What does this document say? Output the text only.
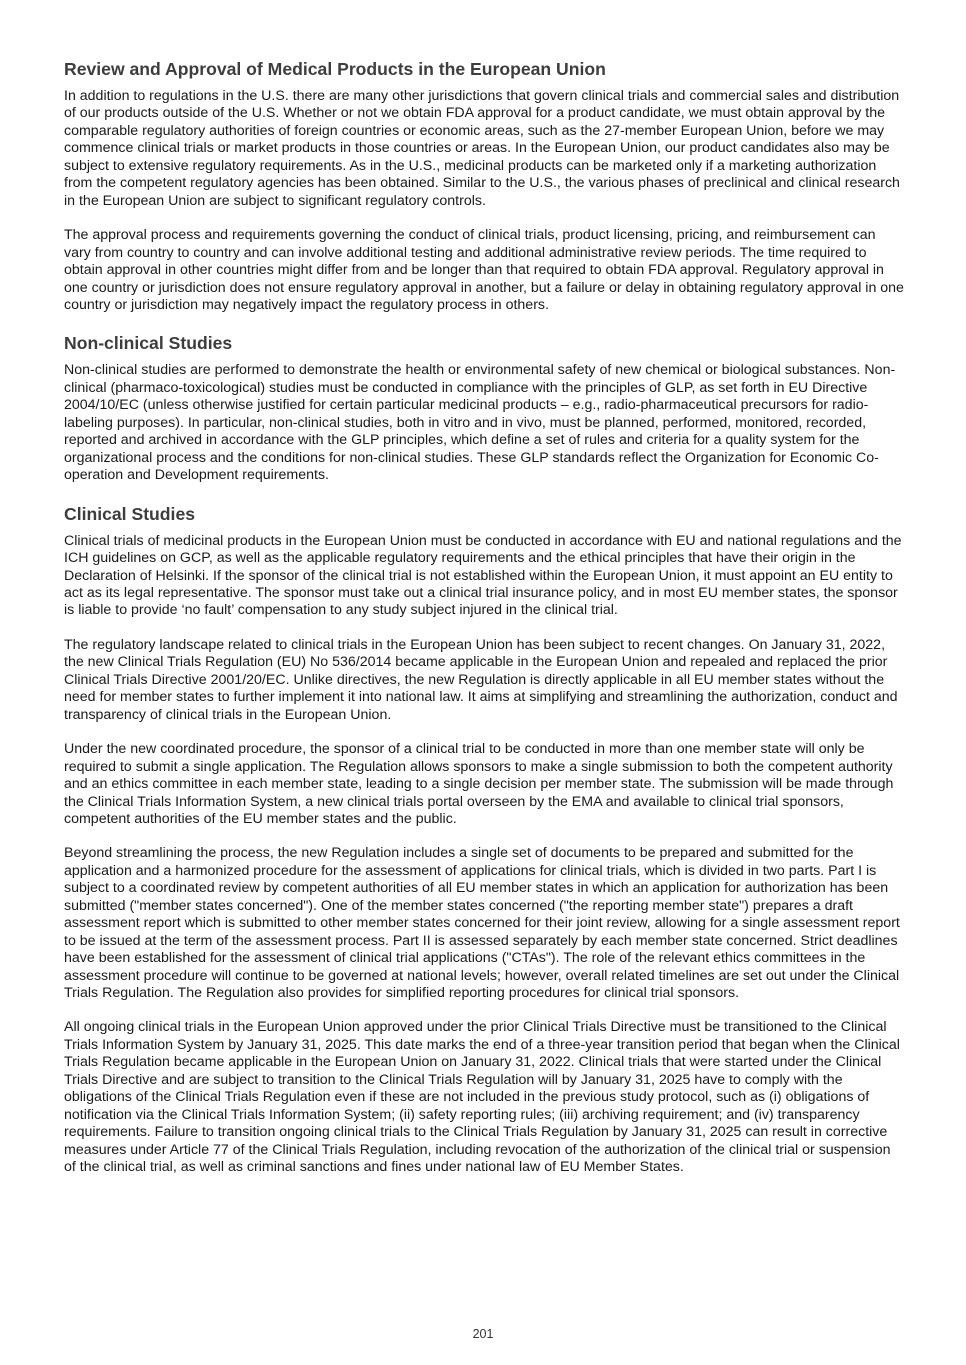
Review and Approval of Medical Products in the European Union

In addition to regulations in the U.S. there are many other jurisdictions that govern clinical trials and commercial sales and distribution of our products outside of the U.S. Whether or not we obtain FDA approval for a product candidate, we must obtain approval by the comparable regulatory authorities of foreign countries or economic areas, such as the 27-member European Union, before we may commence clinical trials or market products in those countries or areas. In the European Union, our product candidates also may be subject to extensive regulatory requirements. As in the U.S., medicinal products can be marketed only if a marketing authorization from the competent regulatory agencies has been obtained. Similar to the U.S., the various phases of preclinical and clinical research in the European Union are subject to significant regulatory controls.

The approval process and requirements governing the conduct of clinical trials, product licensing, pricing, and reimbursement can vary from country to country and can involve additional testing and additional administrative review periods. The time required to obtain approval in other countries might differ from and be longer than that required to obtain FDA approval. Regulatory approval in one country or jurisdiction does not ensure regulatory approval in another, but a failure or delay in obtaining regulatory approval in one country or jurisdiction may negatively impact the regulatory process in others.

Non-clinical Studies

Non-clinical studies are performed to demonstrate the health or environmental safety of new chemical or biological substances. Non-clinical (pharmaco-toxicological) studies must be conducted in compliance with the principles of GLP, as set forth in EU Directive 2004/10/EC (unless otherwise justified for certain particular medicinal products – e.g., radio-pharmaceutical precursors for radio-labeling purposes). In particular, non-clinical studies, both in vitro and in vivo, must be planned, performed, monitored, recorded, reported and archived in accordance with the GLP principles, which define a set of rules and criteria for a quality system for the organizational process and the conditions for non-clinical studies. These GLP standards reflect the Organization for Economic Co-operation and Development requirements.

Clinical Studies

Clinical trials of medicinal products in the European Union must be conducted in accordance with EU and national regulations and the ICH guidelines on GCP, as well as the applicable regulatory requirements and the ethical principles that have their origin in the Declaration of Helsinki. If the sponsor of the clinical trial is not established within the European Union, it must appoint an EU entity to act as its legal representative. The sponsor must take out a clinical trial insurance policy, and in most EU member states, the sponsor is liable to provide ‘no fault’ compensation to any study subject injured in the clinical trial.

The regulatory landscape related to clinical trials in the European Union has been subject to recent changes. On January 31, 2022, the new Clinical Trials Regulation (EU) No 536/2014 became applicable in the European Union and repealed and replaced the prior Clinical Trials Directive 2001/20/EC. Unlike directives, the new Regulation is directly applicable in all EU member states without the need for member states to further implement it into national law. It aims at simplifying and streamlining the authorization, conduct and transparency of clinical trials in the European Union.

Under the new coordinated procedure, the sponsor of a clinical trial to be conducted in more than one member state will only be required to submit a single application. The Regulation allows sponsors to make a single submission to both the competent authority and an ethics committee in each member state, leading to a single decision per member state. The submission will be made through the Clinical Trials Information System, a new clinical trials portal overseen by the EMA and available to clinical trial sponsors, competent authorities of the EU member states and the public.

Beyond streamlining the process, the new Regulation includes a single set of documents to be prepared and submitted for the application and a harmonized procedure for the assessment of applications for clinical trials, which is divided in two parts. Part I is subject to a coordinated review by competent authorities of all EU member states in which an application for authorization has been submitted ("member states concerned"). One of the member states concerned ("the reporting member state") prepares a draft assessment report which is submitted to other member states concerned for their joint review, allowing for a single assessment report to be issued at the term of the assessment process. Part II is assessed separately by each member state concerned. Strict deadlines have been established for the assessment of clinical trial applications ("CTAs"). The role of the relevant ethics committees in the assessment procedure will continue to be governed at national levels; however, overall related timelines are set out under the Clinical Trials Regulation. The Regulation also provides for simplified reporting procedures for clinical trial sponsors.

All ongoing clinical trials in the European Union approved under the prior Clinical Trials Directive must be transitioned to the Clinical Trials Information System by January 31, 2025. This date marks the end of a three-year transition period that began when the Clinical Trials Regulation became applicable in the European Union on January 31, 2022. Clinical trials that were started under the Clinical Trials Directive and are subject to transition to the Clinical Trials Regulation will by January 31, 2025 have to comply with the obligations of the Clinical Trials Regulation even if these are not included in the previous study protocol, such as (i) obligations of notification via the Clinical Trials Information System; (ii) safety reporting rules; (iii) archiving requirement; and (iv) transparency requirements. Failure to transition ongoing clinical trials to the Clinical Trials Regulation by January 31, 2025 can result in corrective measures under Article 77 of the Clinical Trials Regulation, including revocation of the authorization of the clinical trial or suspension of the clinical trial, as well as criminal sanctions and fines under national law of EU Member States.

201
